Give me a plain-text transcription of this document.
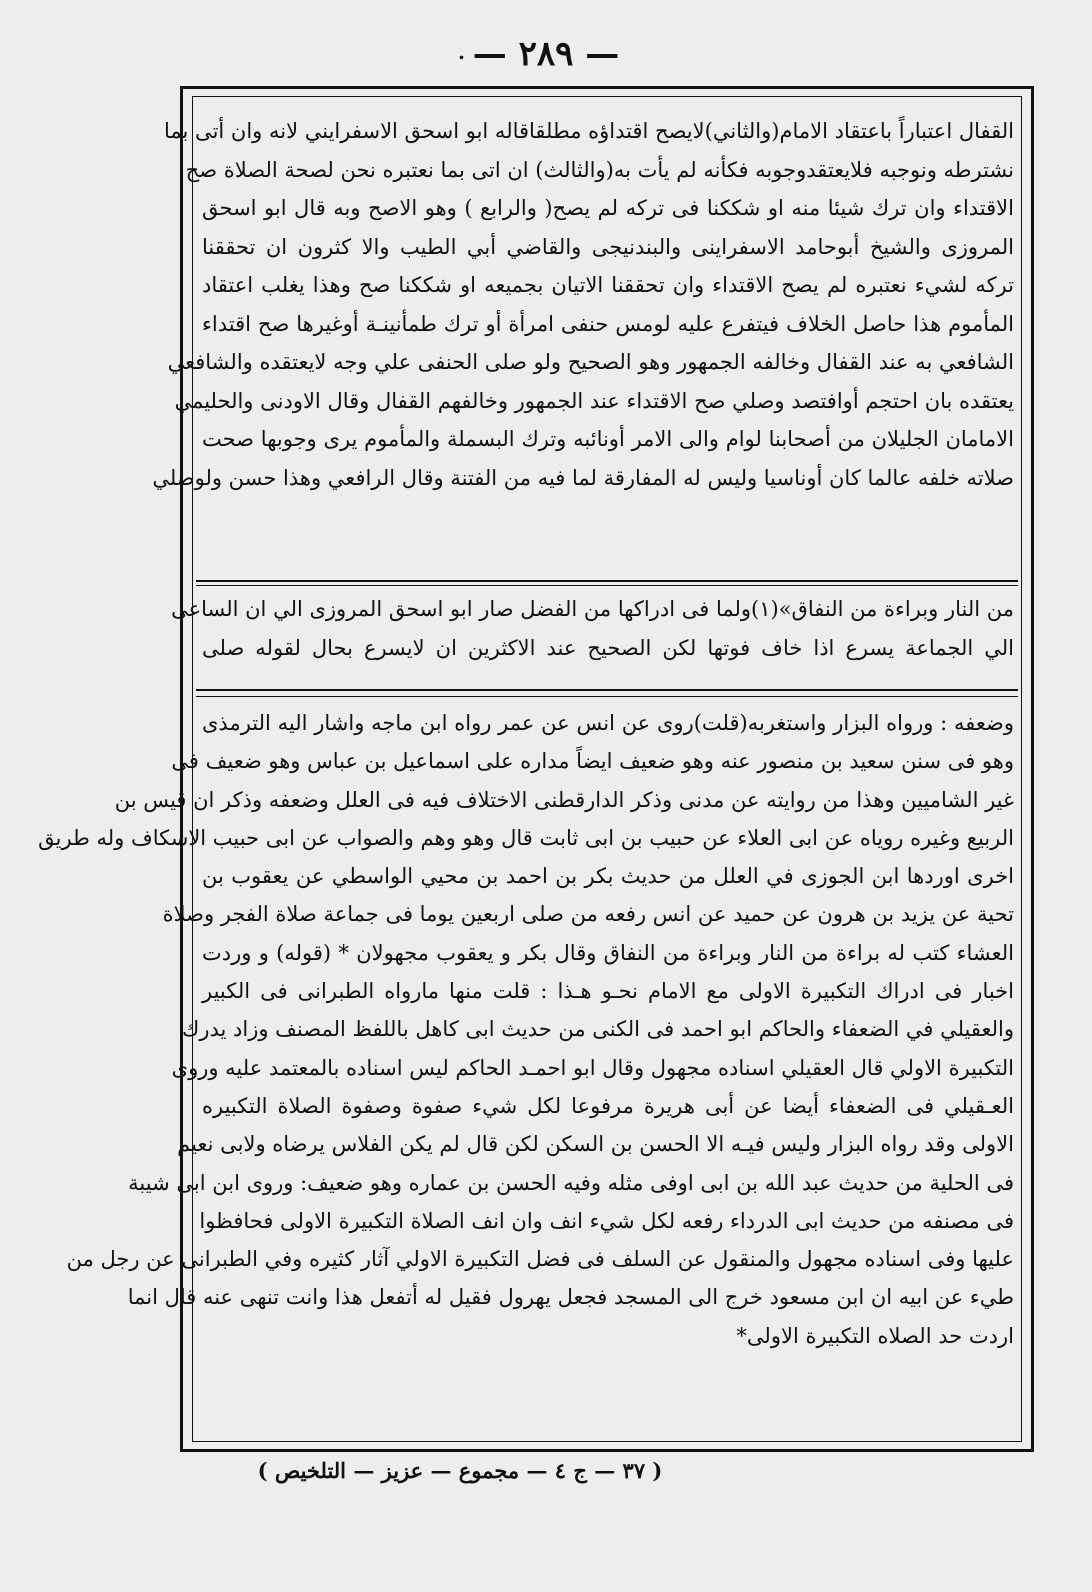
. — ٢٨٩ —
القفال اعتباراً باعتقاد الامام(والثاني)لايصح اقتداؤه مطلقاقاله ابو اسحق الاسفرايني لانه وان أتى بما
نشترطه ونوجبه فلايعتقدوجوبه فكأنه لم يأت به(والثالث) ان اتى بما نعتبره نحن لصحة الصلاة صح
الاقتداء وان ترك شيئا منه او شككنا فى تركه لم يصح( والرابع ) وهو الاصح وبه قال ابو اسحق
المروزى والشيخ أبوحامد الاسفراينى والبندنيجى والقاضي أبي الطيب والا كثرون ان تحققنا
تركه لشيء نعتبره لم يصح الاقتداء وان تحققنا الاتيان بجميعه او شككنا صح وهذا يغلب اعتقاد
المأموم هذا حاصل الخلاف فيتفرع عليه لومس حنفى امرأة أو ترك طمأنينـة أوغيرها صح اقتداء
الشافعي به عند القفال وخالفه الجمهور وهو الصحيح ولو صلى الحنفى علي وجه لايعتقده والشافعي
يعتقده بان احتجم أوافتصد وصلي صح الاقتداء عند الجمهور وخالفهم القفال وقال الاودنى والحليمي
الامامان الجليلان من أصحابنا لوام والى الامر أونائبه وترك البسملة والمأموم يرى وجوبها صحت
صلاته خلفه عالما كان أوناسيا وليس له المفارقة لما فيه من الفتنة وقال الرافعي وهذا حسن ولوصلي
من النار وبراءة من النفاق»(١)ولما فى ادراكها من الفضل صار ابو اسحق المروزى الي ان الساعى
الي الجماعة يسرع اذا خاف فوتها لكن الصحيح عند الاكثرين ان لايسرع بحال لقوله صلى
وضعفه : ورواه البزار واستغربه(قلت)روى عن انس عن عمر رواه ابن ماجه واشار اليه الترمذى
وهو فى سنن سعيد بن منصور عنه وهو ضعيف ايضاً مداره على اسماعيل بن عباس وهو ضعيف فى
غير الشاميين وهذا من روايته عن مدنى وذكر الدارقطنى الاختلاف فيه فى العلل وضعفه وذكر ان قيس بن
الربيع وغيره روياه عن ابى العلاء عن حبيب بن ابى ثابت قال وهو وهم والصواب عن ابى حبيب الاسكاف وله طريق
اخرى اوردها ابن الجوزى في العلل من حديث بكر بن احمد بن محيي الواسطي عن يعقوب بن
تحية عن يزيد بن هرون عن حميد عن انس رفعه من صلى اربعين يوما فى جماعة صلاة الفجر وصلاة
العشاء كتب له براءة من النار وبراءة من النفاق وقال بكر و يعقوب مجهولان * (قوله) و وردت
اخبار فى ادراك التكبيرة الاولى مع الامام نحـو هـذا : قلت منها مارواه الطبرانى فى الكبير
والعقيلي في الضعفاء والحاكم ابو احمد فى الكنى من حديث ابى كاهل باللفظ المصنف وزاد يدرك
التكبيرة الاولي قال العقيلي اسناده مجهول وقال ابو احمـد الحاكم ليس اسناده بالمعتمد عليه وروى
العـقيلي فى الضعفاء أيضا عن أبى هريرة مرفوعا لكل شيء صفوة وصفوة الصلاة التكبيره
الاولى وقد رواه البزار وليس فيـه الا الحسن بن السكن لكن قال لم يكن الفلاس يرضاه ولابى نعيم
فى الحلية من حديث عبد الله بن ابى اوفى مثله وفيه الحسن بن عماره وهو ضعيف: وروى ابن ابى شيبة
فى مصنفه من حديث ابى الدرداء رفعه لكل شيء انف وان انف الصلاة التكبيرة الاولى فحافظوا
عليها وفى اسناده مجهول والمنقول عن السلف فى فضل التكبيرة الاولي آثار كثيره وفي الطبرانى عن رجل من
طيء عن ابيه ان ابن مسعود خرج الى المسجد فجعل يهرول فقيل له أتفعل هذا وانت تنهى عنه قال انما
اردت حد الصلاه التكبيرة الاولى*
( ٣٧ — ج ٤ — مجموع — عزيز — التلخيص )
